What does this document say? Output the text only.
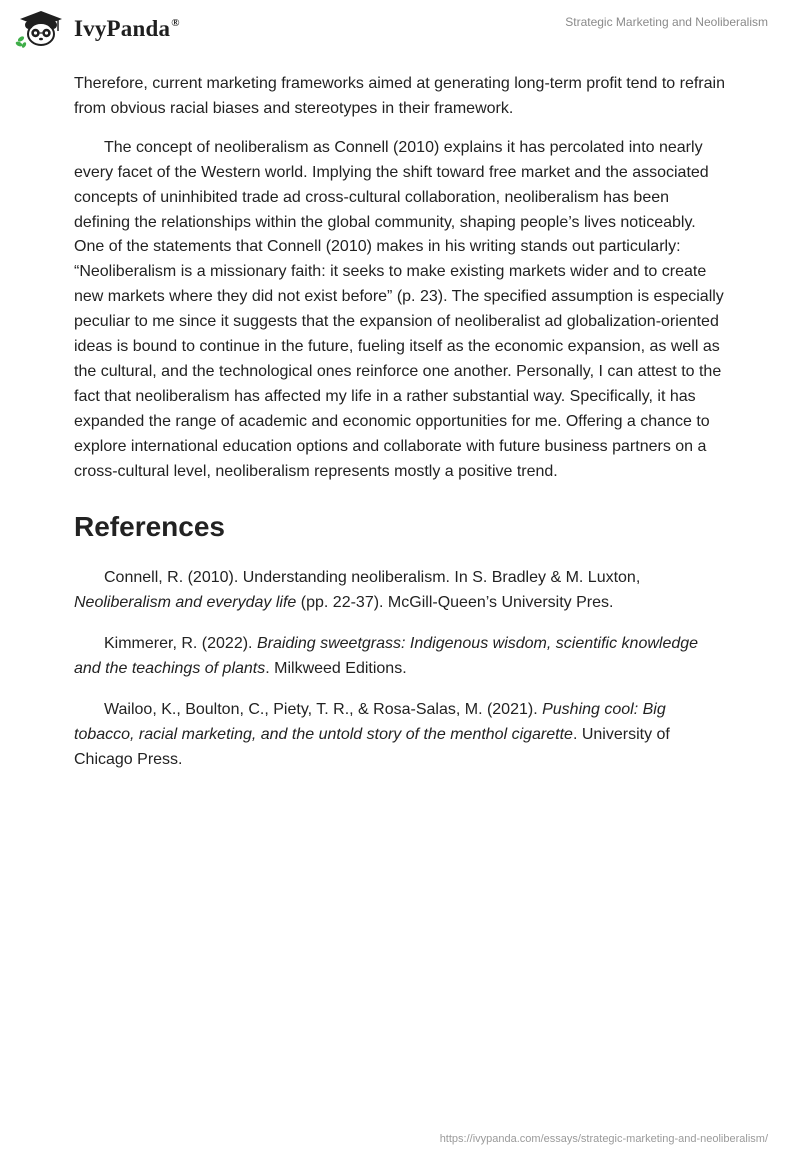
IvyPanda®	Strategic Marketing and Neoliberalism

Therefore, current marketing frameworks aimed at generating long-term profit tend to refrain from obvious racial biases and stereotypes in their framework.

The concept of neoliberalism as Connell (2010) explains it has percolated into nearly every facet of the Western world. Implying the shift toward free market and the associated concepts of uninhibited trade ad cross-cultural collaboration, neoliberalism has been defining the relationships within the global community, shaping people’s lives noticeably. One of the statements that Connell (2010) makes in his writing stands out particularly: “Neoliberalism is a missionary faith: it seeks to make existing markets wider and to create new markets where they did not exist before” (p. 23). The specified assumption is especially peculiar to me since it suggests that the expansion of neoliberalist ad globalization-oriented ideas is bound to continue in the future, fueling itself as the economic expansion, as well as the cultural, and the technological ones reinforce one another. Personally, I can attest to the fact that neoliberalism has affected my life in a rather substantial way. Specifically, it has expanded the range of academic and economic opportunities for me. Offering a chance to explore international education options and collaborate with future business partners on a cross-cultural level, neoliberalism represents mostly a positive trend.

References

Connell, R. (2010). Understanding neoliberalism. In S. Bradley & M. Luxton, Neoliberalism and everyday life (pp. 22-37). McGill-Queen’s University Pres.

Kimmerer, R. (2022). Braiding sweetgrass: Indigenous wisdom, scientific knowledge and the teachings of plants. Milkweed Editions.

Wailoo, K., Boulton, C., Piety, T. R., & Rosa-Salas, M. (2021). Pushing cool: Big tobacco, racial marketing, and the untold story of the menthol cigarette. University of Chicago Press.

https://ivypanda.com/essays/strategic-marketing-and-neoliberalism/
